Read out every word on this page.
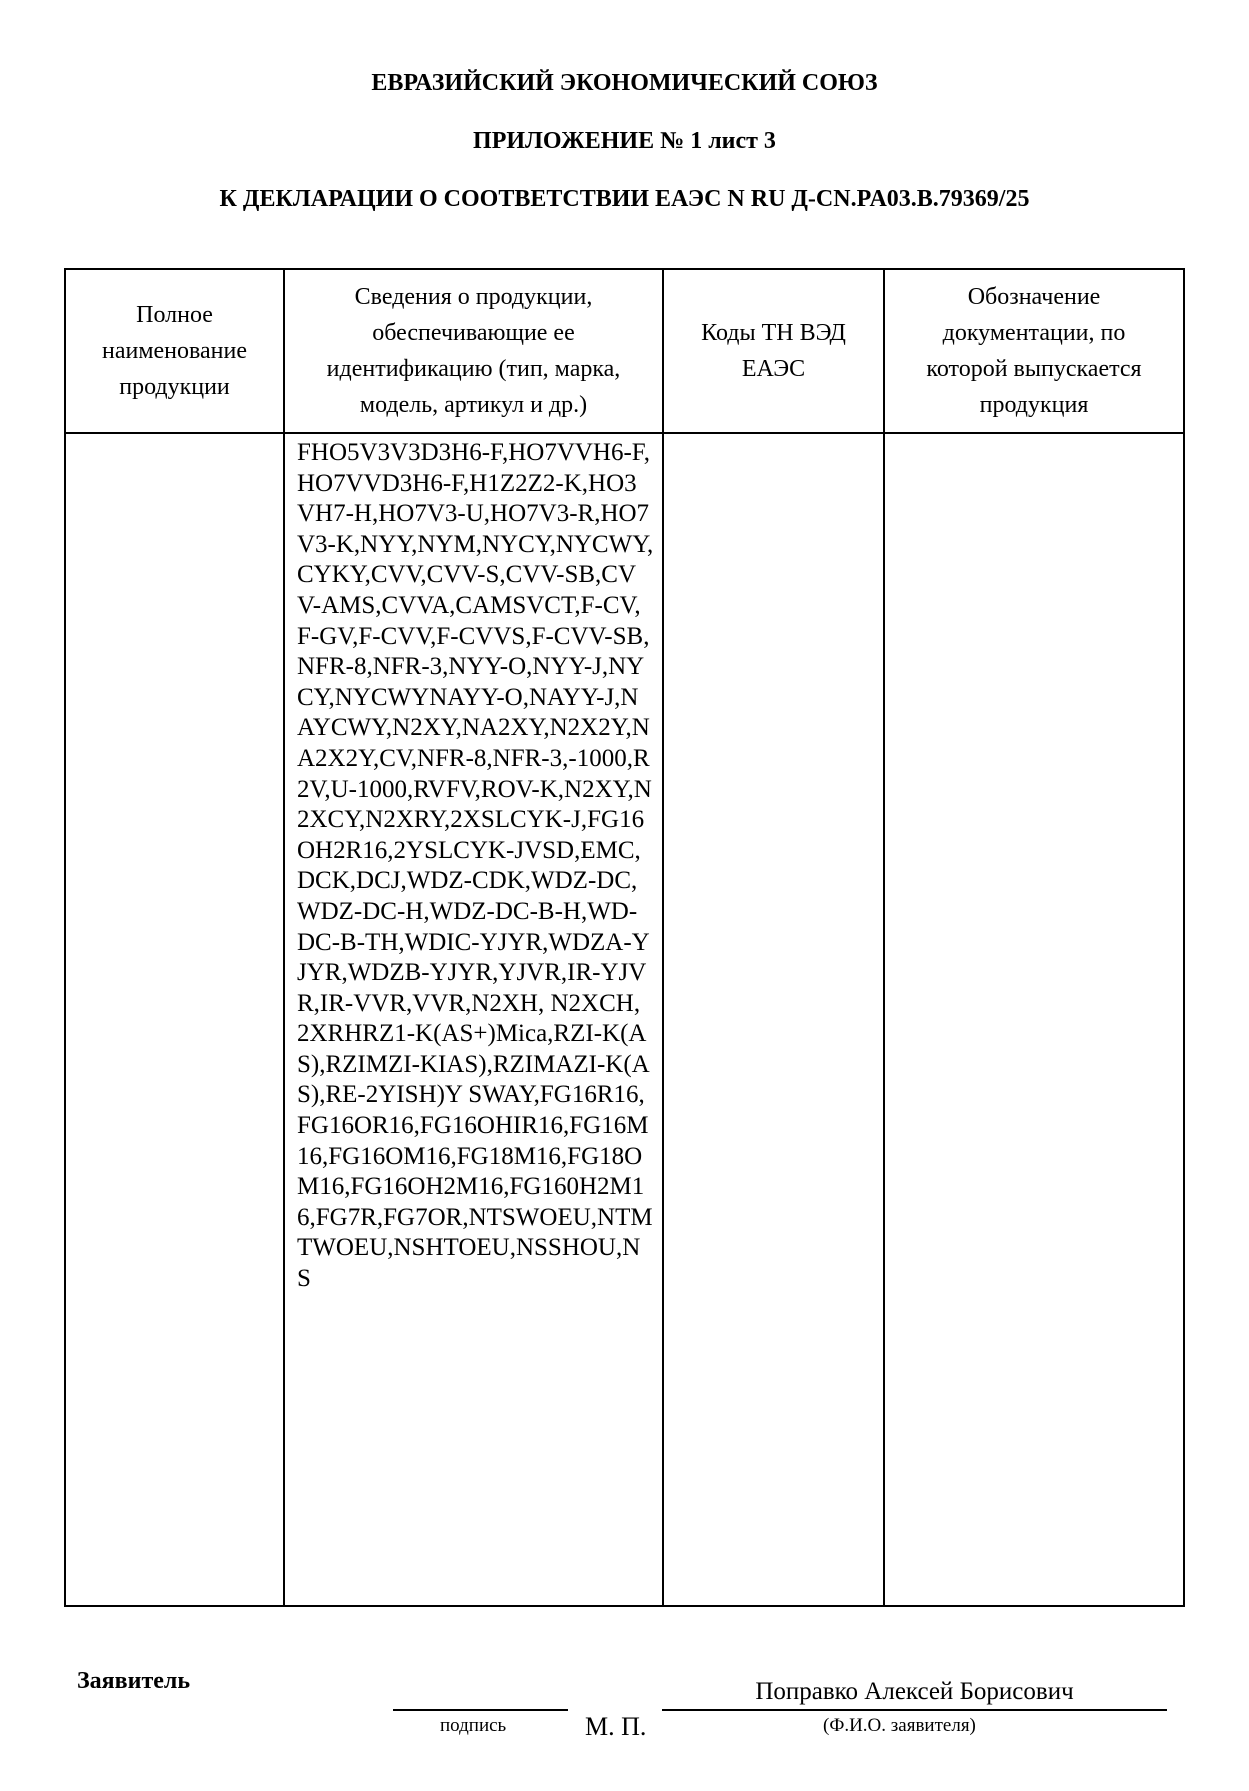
ЕВРАЗИЙСКИЙ ЭКОНОМИЧЕСКИЙ СОЮЗ
ПРИЛОЖЕНИЕ № 1 лист 3
К ДЕКЛАРАЦИИ О СООТВЕТСТВИИ ЕАЭС N RU Д-CN.PA03.B.79369/25
Полное наименование продукции	Сведения о продукции, обеспечивающие ее идентификацию (тип, марка, модель, артикул и др.)	Коды ТН ВЭД ЕАЭС	Обозначение документации, по которой выпускается продукция

	FHO5V3V3D3H6-F,HO7VVH6-F,HO7VVD3H6-F,H1Z2Z2-K,HO3VH7-H,HO7V3-U,HO7V3-R,HO7V3-K,NYY,NYM,NYCY,NYCWY,CYKY,CVV,CVV-S,CVV-SB,CVV-AMS,CVVA,CAMSVCT,F-CV,F-GV,F-CVV,F-CVVS,F-CVV-SB,NFR-8,NFR-3,NYY-O,NYY-J,NYCY,NYCWYNAYY-O,NAYY-J,NAYCWY,N2XY,NA2XY,N2X2Y,NA2X2Y,CV,NFR-8,NFR-3,-1000,R2V,U-1000,RVFV,ROV-K,N2XY,N2XCY,N2XRY,2XSLCYK-J,FG16OH2R16,2YSLCYK-JVSD,EMC,DCK,DCJ,WDZ-CDK,WDZ-DC,WDZ-DC-H,WDZ-DC-B-H,WD-DC-B-TH,WDIC-YJYR,WDZA-YJYR,WDZB-YJYR,YJVR,IR-YJVR,IR-VVR,VVR,N2XH, N2XCH, 2XRHRZ1-K(AS+)Mica,RZI-K(AS),RZIMZI-KIAS),RZIMAZI-K(AS),RE-2YISH)Y SWAY,FG16R16,FG16OR16,FG16OHIR16,FG16M16,FG16OM16,FG18M16,FG18OM16,FG16OH2M16,FG160H2M16,FG7R,FG7OR,NTSWOEU,NTMTWOEU,NSHTOEU,NSSHOU,NS		

Заявитель
подпись	М. П.
Поправко Алексей Борисович
(Ф.И.О. заявителя)
